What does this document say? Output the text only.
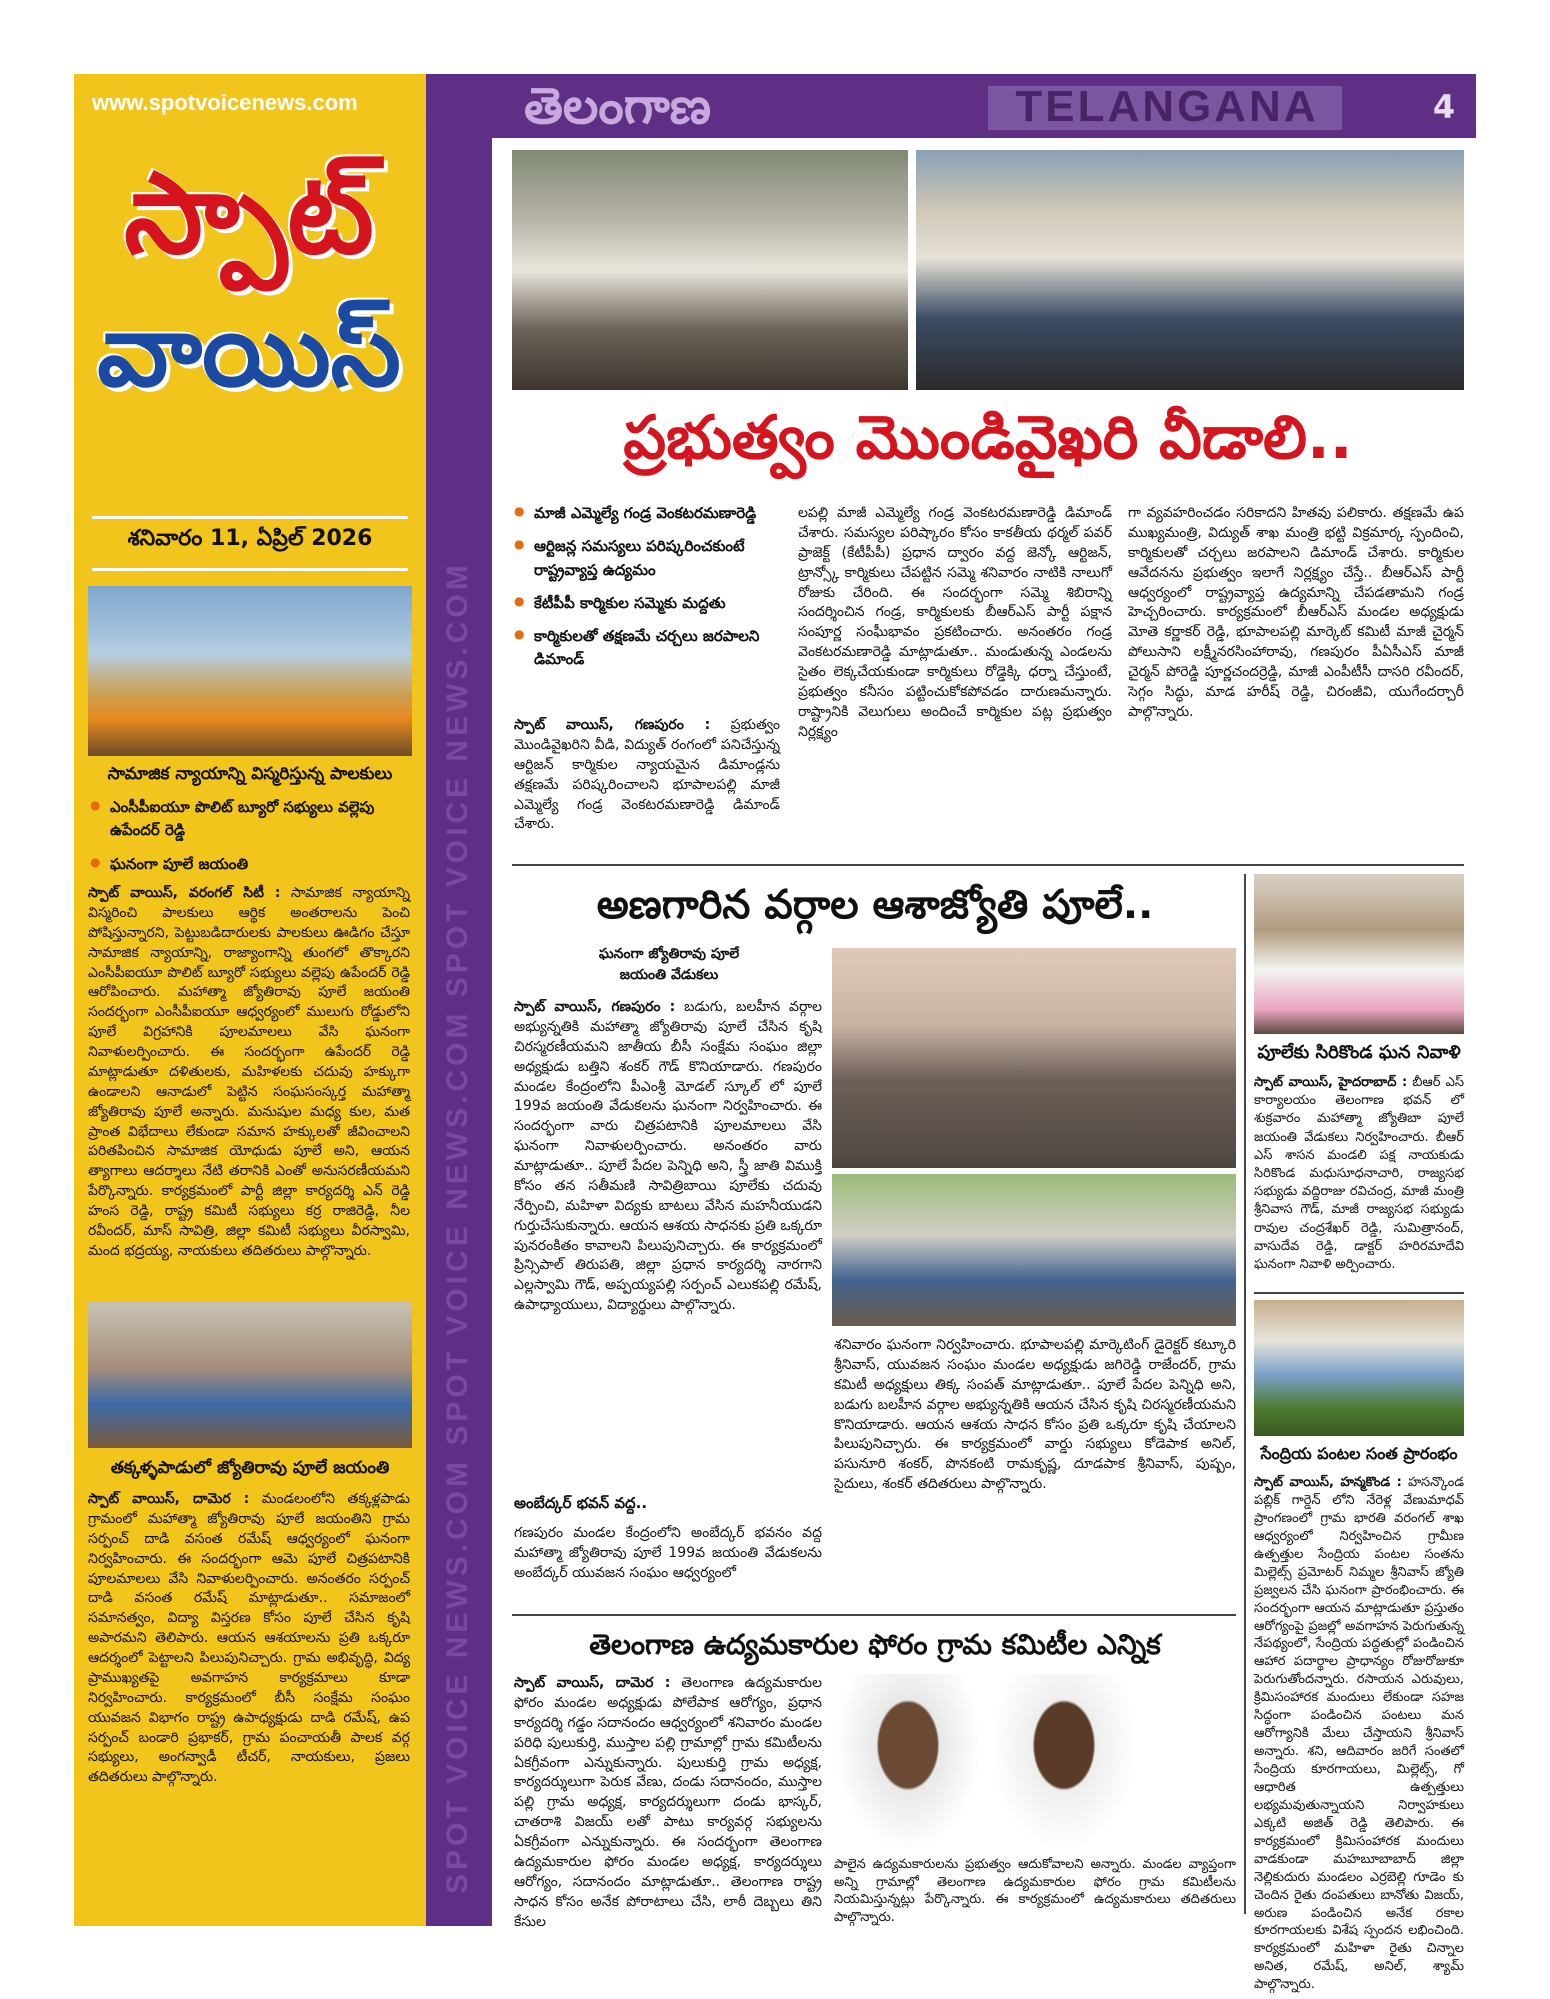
SPOT VOICE NEWS.COM SPOT VOICE NEWS.COM SPOT VOICE NEWS.COM
తెలంగాణ	TELANGANA	4
www.spotvoicenews.com
స్పాట్
వాయిస్
శనివారం 11, ఏప్రిల్ 2026
సామాజిక న్యాయాన్ని విస్మరిస్తున్న పాలకులు
● ఎంసీపీఐయూ పొలిట్ బ్యూరో సభ్యులు వల్లెపు ఉపేందర్ రెడ్డి
● ఘనంగా పూలే జయంతి
స్పాట్ వాయిస్, వరంగల్ సిటీ : సామాజిక న్యాయాన్ని విస్మరించి పాలకులు ఆర్థిక అంతరాలను పెంచి పోషిస్తున్నారని, పెట్టుబడిదారులకు పాలకులు ఊడిగం చేస్తూ సామాజిక న్యాయాన్ని, రాజ్యాంగాన్ని తుంగలో తొక్కారని ఎంసీపీఐయూ పొలిట్ బ్యూరో సభ్యులు వల్లెపు ఉపేందర్ రెడ్డి ఆరోపించారు. మహాత్మా జ్యోతిరావు పూలే జయంతి సందర్భంగా ఎంసీపీఐయూ ఆధ్వర్యంలో ములుగు రోడ్డులోని పూలే విగ్రహానికి పూలమాలలు వేసి ఘనంగా నివాళులర్పించారు. ఈ సందర్భంగా ఉపేందర్ రెడ్డి మాట్లాడుతూ దళితులకు, మహిళలకు చదువు హక్కుగా ఉండాలని ఆనాడులో పెట్టిన సంఘసంస్కర్త మహాత్మా జ్యోతిరావు పూలే అన్నారు. మనుషుల మధ్య కుల, మత ప్రాంత విభేదాలు లేకుండా సమాన హక్కులతో జీవించాలని పరితపించిన సామాజిక యోధుడు పూలే అని, ఆయన త్యాగాలు ఆదర్శాలు నేటి తరానికి ఎంతో అనుసరణీయమని పేర్కొన్నారు. కార్యక్రమంలో పార్టీ జిల్లా కార్యదర్శి ఎన్ రెడ్డి హంస రెడ్డి, రాష్ట్ర కమిటీ సభ్యులు కర్ర రాజిరెడ్డి, నీల రవీందర్, మాస్ సావిత్రి, జిల్లా కమిటీ సభ్యులు వీరస్వామి, మంద భద్రయ్య, నాయకులు తదితరులు పాల్గొన్నారు.
తక్కళ్ళపాడులో జ్యోతిరావు పూలే జయంతి
స్పాట్ వాయిస్, దామెర : మండలంలోని తక్కళ్లపాడు గ్రామంలో మహాత్మా జ్యోతిరావు పూలే జయంతిని గ్రామ సర్పంచ్ దాడి వసంత రమేష్ ఆధ్వర్యంలో ఘనంగా నిర్వహించారు. ఈ సందర్భంగా ఆమె పూలే చిత్రపటానికి పూలమాలలు వేసి నివాళులర్పించారు. అనంతరం సర్పంచ్ దాడి వసంత రమేష్ మాట్లాడుతూ.. సమాజంలో సమానత్వం, విద్యా విస్తరణ కోసం పూలే చేసిన కృషి అపారమని తెలిపారు. ఆయన ఆశయాలను ప్రతి ఒక్కరూ ఆదర్శంలో పెట్టాలని పిలుపునిచ్చారు. గ్రామ అభివృద్ధి, విద్య ప్రాముఖ్యతపై అవగాహన కార్యక్రమాలు కూడా నిర్వహించారు. కార్యక్రమంలో బీసీ సంక్షేమ సంఘం యువజన విభాగం రాష్ట్ర ఉపాధ్యక్షుడు దాడి రమేష్, ఉప సర్పంచ్ బండారి ప్రభాకర్, గ్రామ పంచాయతీ పాలక వర్గ సభ్యులు, అంగన్వాడీ టీచర్, నాయకులు, ప్రజలు తదితరులు పాల్గొన్నారు.
ప్రభుత్వం మొండివైఖరి వీడాలి..
● మాజీ ఎమ్మెల్యే గండ్ర వెంకటరమణారెడ్డి
● ఆర్టిజన్ల సమస్యలు పరిష్కరించకుంటే రాష్ట్రవ్యాప్త ఉద్యమం
● కేటీపీపీ కార్మికుల సమ్మెకు మద్దతు
● కార్మికులతో తక్షణమే చర్చలు జరపాలని డిమాండ్
స్పాట్ వాయిస్, గణపురం : ప్రభుత్వం మొండివైఖరిని వీడి, విద్యుత్ రంగంలో పనిచేస్తున్న ఆర్టిజన్ కార్మికుల న్యాయమైన డిమాండ్లను తక్షణమే పరిష్కరించాలని భూపాలపల్లి మాజీ ఎమ్మెల్యే గండ్ర వెంకటరమణారెడ్డి డిమాండ్ చేశారు.
లపల్లి మాజీ ఎమ్మెల్యే గండ్ర వెంకటరమణారెడ్డి డిమాండ్ చేశారు. సమస్యల పరిష్కారం కోసం కాకతీయ థర్మల్ పవర్ ప్రాజెక్ట్ (కేటీపీపీ) ప్రధాన ద్వారం వద్ద జెన్కో ఆర్టిజన్, ట్రాన్స్కో కార్మికులు చేపట్టిన సమ్మె శనివారం నాటికి నాలుగో రోజుకు చేరింది. ఈ సందర్భంగా సమ్మె శిబిరాన్ని సందర్శించిన గండ్ర, కార్మికులకు బీఆర్ఎస్ పార్టీ పక్షాన సంపూర్ణ సంఘీభావం ప్రకటించారు. అనంతరం గండ్ర వెంకటరమణారెడ్డి మాట్లాడుతూ.. మండుతున్న ఎండలను సైతం లెక్కచేయకుండా కార్మికులు రోడ్డెక్కి ధర్నా చేస్తుంటే, ప్రభుత్వం కనీసం పట్టించుకోకపోవడం దారుణమన్నారు. రాష్ట్రానికి వెలుగులు అందించే కార్మికుల పట్ల ప్రభుత్వం నిర్లక్ష్యం
గా వ్యవహరించడం సరికాదని హితవు పలికారు. తక్షణమే ఉప ముఖ్యమంత్రి, విద్యుత్ శాఖ మంత్రి భట్టి విక్రమార్క స్పందించి, కార్మికులతో చర్చలు జరపాలని డిమాండ్ చేశారు. కార్మికుల ఆవేదనను ప్రభుత్వం ఇలాగే నిర్లక్ష్యం చేస్తే.. బీఆర్ఎస్ పార్టీ ఆధ్వర్యంలో రాష్ట్రవ్యాప్త ఉద్యమాన్ని చేపడతామని గండ్ర హెచ్చరించారు. కార్యక్రమంలో బీఆర్ఎస్ మండల అధ్యక్షుడు మోతె కర్ణాకర్ రెడ్డి, భూపాలపల్లి మార్కెట్ కమిటీ మాజీ చైర్మన్ పోలుసాని లక్ష్మీనరసింహారావు, గణపురం పీఏసీఎస్ మాజీ చైర్మన్ పోరెడ్డి పూర్ణచందర్రెడ్డి, మాజీ ఎంపీటీసీ దాసరి రవీందర్, సెగ్గం సిద్ధు, మాడ హరీష్ రెడ్డి, చిరంజీవి, యుగేందర్చారీ పాల్గొన్నారు.
అణగారిన వర్గాల ఆశాజ్యోతి పూలే..
ఘనంగా జ్యోతిరావు పూలే జయంతి వేడుకలు
స్పాట్ వాయిస్, గణపురం : బడుగు, బలహీన వర్గాల అభ్యున్నతికి మహాత్మా జ్యోతిరావు పూలే చేసిన కృషి చిరస్మరణీయమని జాతీయ బీసీ సంక్షేమ సంఘం జిల్లా అధ్యక్షుడు బత్తిని శంకర్ గౌడ్ కొనియాడారు. గణపురం మండల కేంద్రంలోని పీఎంశ్రీ మోడల్ స్కూల్ లో పూలే 199వ జయంతి వేడుకలను ఘనంగా నిర్వహించారు. ఈ సందర్భంగా వారు చిత్రపటానికి పూలమాలలు వేసి ఘనంగా నివాళులర్పించారు. అనంతరం వారు మాట్లాడుతూ.. పూలే పేదల పెన్నిధి అని, స్త్రీ జాతి విముక్తి కోసం తన సతీమణి సావిత్రిబాయి పూలేకు చదువు నేర్పించి, మహిళా విద్యకు బాటలు వేసిన మహనీయుడని గుర్తుచేసుకున్నారు. ఆయన ఆశయ సాధనకు ప్రతి ఒక్కరూ పునరంకితం కావాలని పిలుపునిచ్చారు. ఈ కార్యక్రమంలో ప్రిన్సిపాల్ తిరుపతి, జిల్లా ప్రధాన కార్యదర్శి నారగాని ఎల్లస్వామి గౌడ్, అప్పయ్యపల్లి సర్పంచ్ ఎలుకపల్లి రమేష్, ఉపాధ్యాయులు, విద్యార్థులు పాల్గొన్నారు.
అంబేద్కర్ భవన్ వద్ద..
గణపురం మండల కేంద్రంలోని అంబేద్కర్ భవనం వద్ద మహాత్మా జ్యోతిరావు పూలే 199వ జయంతి వేడుకలను అంబేద్కర్ యువజన సంఘం ఆధ్వర్యంలో
శనివారం ఘనంగా నిర్వహించారు. భూపాలపల్లి మార్కెటింగ్ డైరెక్టర్ కట్కూరి శ్రీనివాస్, యువజన సంఘం మండల అధ్యక్షుడు జగిరెడ్డి రాజేందర్, గ్రామ కమిటీ అధ్యక్షులు తిక్క సంపత్ మాట్లాడుతూ.. పూలే పేదల పెన్నిధి అని, బడుగు బలహీన వర్గాల అభ్యున్నతికి ఆయన చేసిన కృషి చిరస్మరణీయమని కొనియాడారు. ఆయన ఆశయ సాధన కోసం ప్రతి ఒక్కరూ కృషి చేయాలని పిలుపునిచ్చారు. ఈ కార్యక్రమంలో వార్డు సభ్యులు కోడెపాక అనిల్, పసునూరి శంకర్, పొనకంటి రామకృష్ణ, దూడపాక శ్రీనివాస్, పుష్పం, సైదులు, శంకర్ తదితరులు పాల్గొన్నారు.
తెలంగాణ ఉద్యమకారుల ఫోరం గ్రామ కమిటీల ఎన్నిక
స్పాట్ వాయిస్, దామెర : తెలంగాణ ఉద్యమకారుల ఫోరం మండల అధ్యక్షుడు పోలేపాక ఆరోగ్యం, ప్రధాన కార్యదర్శి గడ్డం సదానందం ఆధ్వర్యంలో శనివారం మండల పరిధి పులుకుర్తి, ముస్తాల పల్లి గ్రామాల్లో గ్రామ కమిటీలను ఏకగ్రీవంగా ఎన్నుకున్నారు. పులుకుర్తి గ్రామ అధ్యక్ష, కార్యదర్శులుగా పెరుక వేణు, దండు సదానందం, ముస్తాల పల్లి గ్రామ అధ్యక్ష, కార్యదర్శులుగా దండు భాస్కర్, చాతరాశి విజయ్ లతో పాటు కార్యవర్గ సభ్యులను ఏకగ్రీవంగా ఎన్నుకున్నారు. ఈ సందర్భంగా తెలంగాణ ఉద్యమకారుల ఫోరం మండల అధ్యక్ష, కార్యదర్శులు ఆరోగ్యం, సదానందం మాట్లాడుతూ.. తెలంగాణ రాష్ట్ర సాధన కోసం అనేక పోరాటాలు చేసి, లాఠీ దెబ్బలు తిని కేసుల
పాలైన ఉద్యమకారులను ప్రభుత్వం ఆదుకోవాలని అన్నారు. మండల వ్యాప్తంగా అన్ని గ్రామాల్లో తెలంగాణ ఉద్యమకారుల ఫోరం గ్రామ కమిటీలను నియమిస్తున్నట్లు పేర్కొన్నారు. ఈ కార్యక్రమంలో ఉద్యమకారులు తదితరులు పాల్గొన్నారు.
పూలేకు సిరికొండ ఘన నివాళి
స్పాట్ వాయిస్, హైదరాబాద్ : బీఆర్ ఎస్ కార్యాలయం తెలంగాణ భవన్ లో శుక్రవారం మహాత్మా జ్యోతిబా పూలే జయంతి వేడుకలు నిర్వహించారు. బీఆర్ ఎస్ శాసన మండలి పక్ష నాయకుడు సిరికొండ మధుసూధనాచారి, రాజ్యసభ సభ్యుడు వద్దిరాజు రవిచంద్ర, మాజీ మంత్రి శ్రీనివాస గౌడ్, మాజీ రాజ్యసభ సభ్యుడు రావుల చంద్రశేఖర్ రెడ్డి, సుమిత్రానంద్, వాసుదేవ రెడ్డి, డాక్టర్ హరిరమాదేవి ఘనంగా నివాళి అర్పించారు.
సేంద్రియ పంటల సంత ప్రారంభం
స్పాట్ వాయిస్, హన్మకొండ : హసన్కొండ పబ్లిక్ గార్డెన్ లోని నేరెళ్ల వేణుమాధవ్ ప్రాంగణంలో గ్రామ భారతి వరంగల్ శాఖ ఆధ్వర్యంలో నిర్వహించిన గ్రామీణ ఉత్పత్తుల సేంద్రియ పంటల సంతను మిల్లెట్స్ ప్రమోటర్ నిమ్మల శ్రీనివాస్ జ్యోతి ప్రజ్వలన చేసి ఘనంగా ప్రారంభించారు. ఈ సందర్భంగా ఆయన మాట్లాడుతూ ప్రస్తుతం ఆరోగ్యంపై ప్రజల్లో అవగాహన పెరుగుతున్న నేపథ్యంలో, సేంద్రియ పద్ధతుల్లో పండించిన ఆహార పదార్థాల ప్రాధాన్యం రోజురోజుకూ పెరుగుతోందన్నారు. రసాయన ఎరువులు, క్రిమిసంహారక మందులు లేకుండా సహజ సిద్ధంగా పండించిన పంటలు మన ఆరోగ్యానికి మేలు చేస్తాయని శ్రీనివాస్ అన్నారు. శని, ఆదివారం జరిగే సంతలో సేంద్రియ కూరగాయలు, మిల్లెట్స్, గో ఆధారిత ఉత్పత్తులు లభ్యమవుతున్నాయని నిర్వాహకులు ఎక్కటి అజిత్ రెడ్డి తెలిపారు. ఈ కార్యక్రమంలో క్రిమిసంహారక మందులు వాడకుండా మహబూబాబాద్ జిల్లా నెల్లికుదురు మండలం ఎర్రబెల్లి గూడెం కు చెందిన రైతు దంపతులు బానోతు విజయ్, అరుణ పండించిన అనేక రకాల కూరగాయలకు విశేష స్పందన లభించింది. కార్యక్రమంలో మహిళా రైతు చిన్నాల అనిత, రమేష్, అనిల్, శ్యామ్ పాల్గొన్నారు.
